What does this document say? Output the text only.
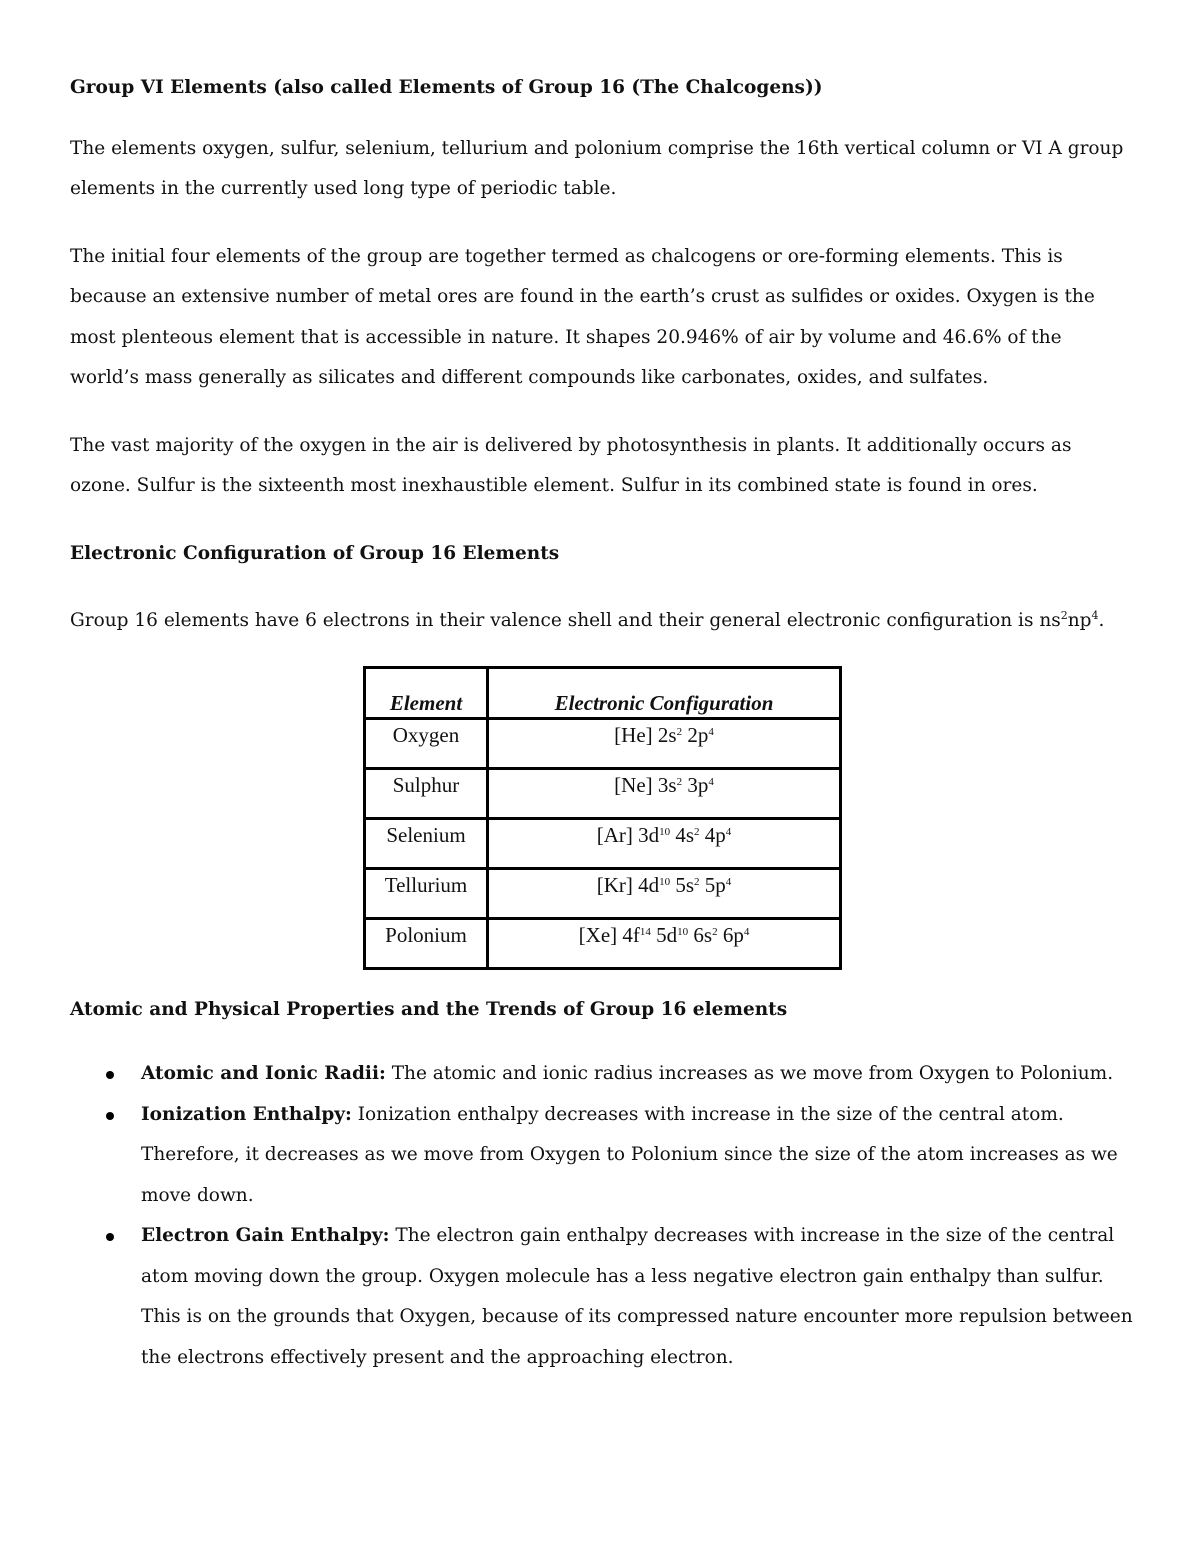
Group VI Elements (also called Elements of Group 16 (The Chalcogens))

The elements oxygen, sulfur, selenium, tellurium and polonium comprise the 16th vertical column or VI A group elements in the currently used long type of periodic table.

The initial four elements of the group are together termed as chalcogens or ore-forming elements. This is because an extensive number of metal ores are found in the earth’s crust as sulfides or oxides. Oxygen is the most plenteous element that is accessible in nature. It shapes 20.946% of air by volume and 46.6% of the world’s mass generally as silicates and different compounds like carbonates, oxides, and sulfates.

The vast majority of the oxygen in the air is delivered by photosynthesis in plants. It additionally occurs as ozone. Sulfur is the sixteenth most inexhaustible element. Sulfur in its combined state is found in ores.

Electronic Configuration of Group 16 Elements

Group 16 elements have 6 electrons in their valence shell and their general electronic configuration is $ns^2np^4$.

Element	Electronic Configuration

Oxygen	[He] $2s^2$ $2p^4$

Sulphur	[Ne] $3s^2$ $3p^4$

Selenium	[Ar] $3d^{10}$ $4s^2$ $4p^4$

Tellurium	[Kr] $4d^{10}$ $5s^2$ $5p^4$

Polonium	[Xe] $4f^{14}$ $5d^{10}$ $6s^2$ $6p^4$
Atomic and Physical Properties and the Trends of Group 16 elements
Atomic and Ionic Radii: The atomic and ionic radius increases as we move from Oxygen to Polonium.
Ionization Enthalpy: Ionization enthalpy decreases with increase in the size of the central atom. Therefore, it decreases as we move from Oxygen to Polonium since the size of the atom increases as we move down.
Electron Gain Enthalpy: The electron gain enthalpy decreases with increase in the size of the central atom moving down the group. Oxygen molecule has a less negative electron gain enthalpy than sulfur. This is on the grounds that Oxygen, because of its compressed nature encounter more repulsion between the electrons effectively present and the approaching electron.
